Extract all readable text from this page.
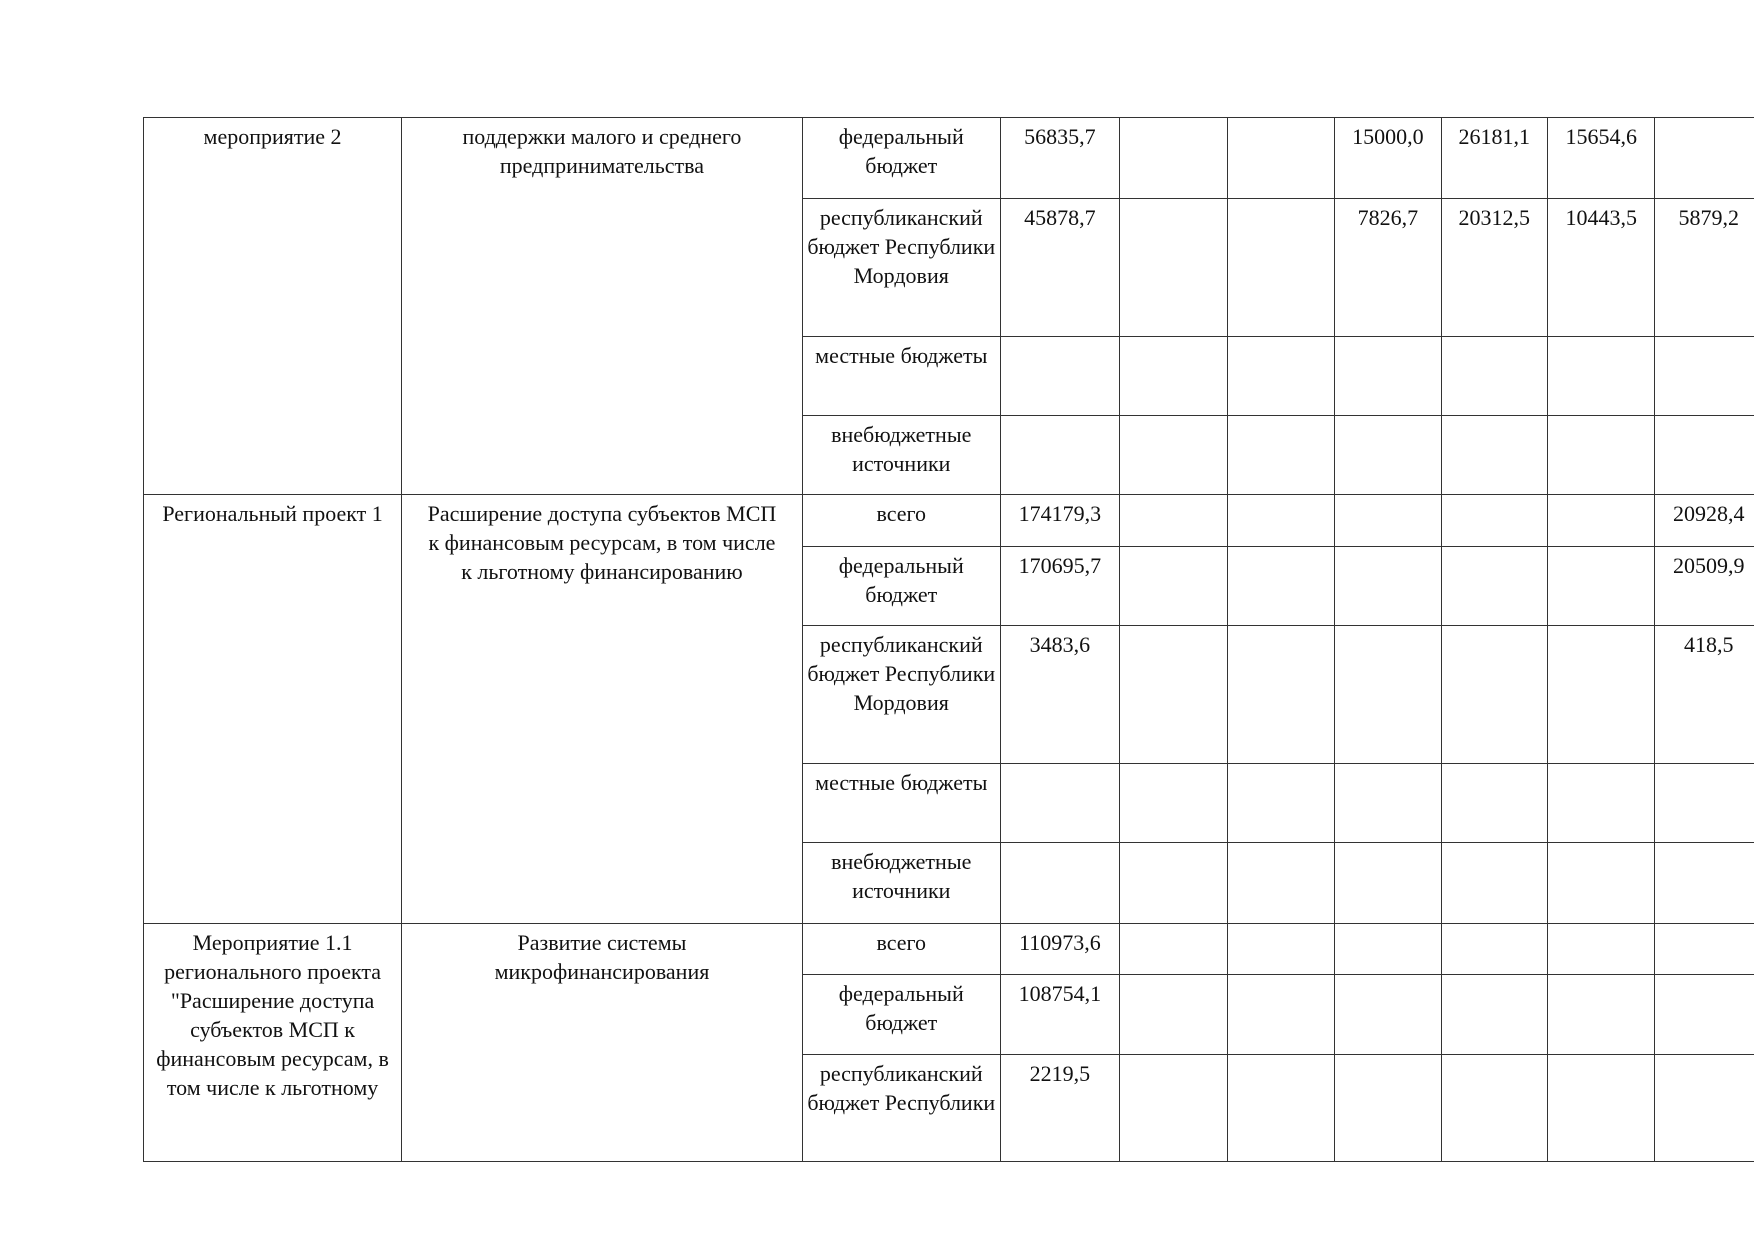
мероприятие 2	поддержки малого и среднего предпринимательства	федеральный бюджет	56835,7			15000,0	26181,1	15654,6	
		республиканский бюджет Республики Мордовия	45878,7			7826,7	20312,5	10443,5	5879,2
		местные бюджеты							
		внебюджетные источники							
Региональный проект 1	Расширение доступа субъектов МСП к финансовым ресурсам, в том числе к льготному финансированию	всего	174179,3						20928,4
		федеральный бюджет	170695,7						20509,9
		республиканский бюджет Республики Мордовия	3483,6						418,5
		местные бюджеты							
		внебюджетные источники							
Мероприятие 1.1 регионального проекта "Расширение доступа субъектов МСП к финансовым ресурсам, в том числе к льготному	Развитие системы микрофинансирования	всего	110973,6						
		федеральный бюджет	108754,1						
		республиканский бюджет Республики	2219,5						
